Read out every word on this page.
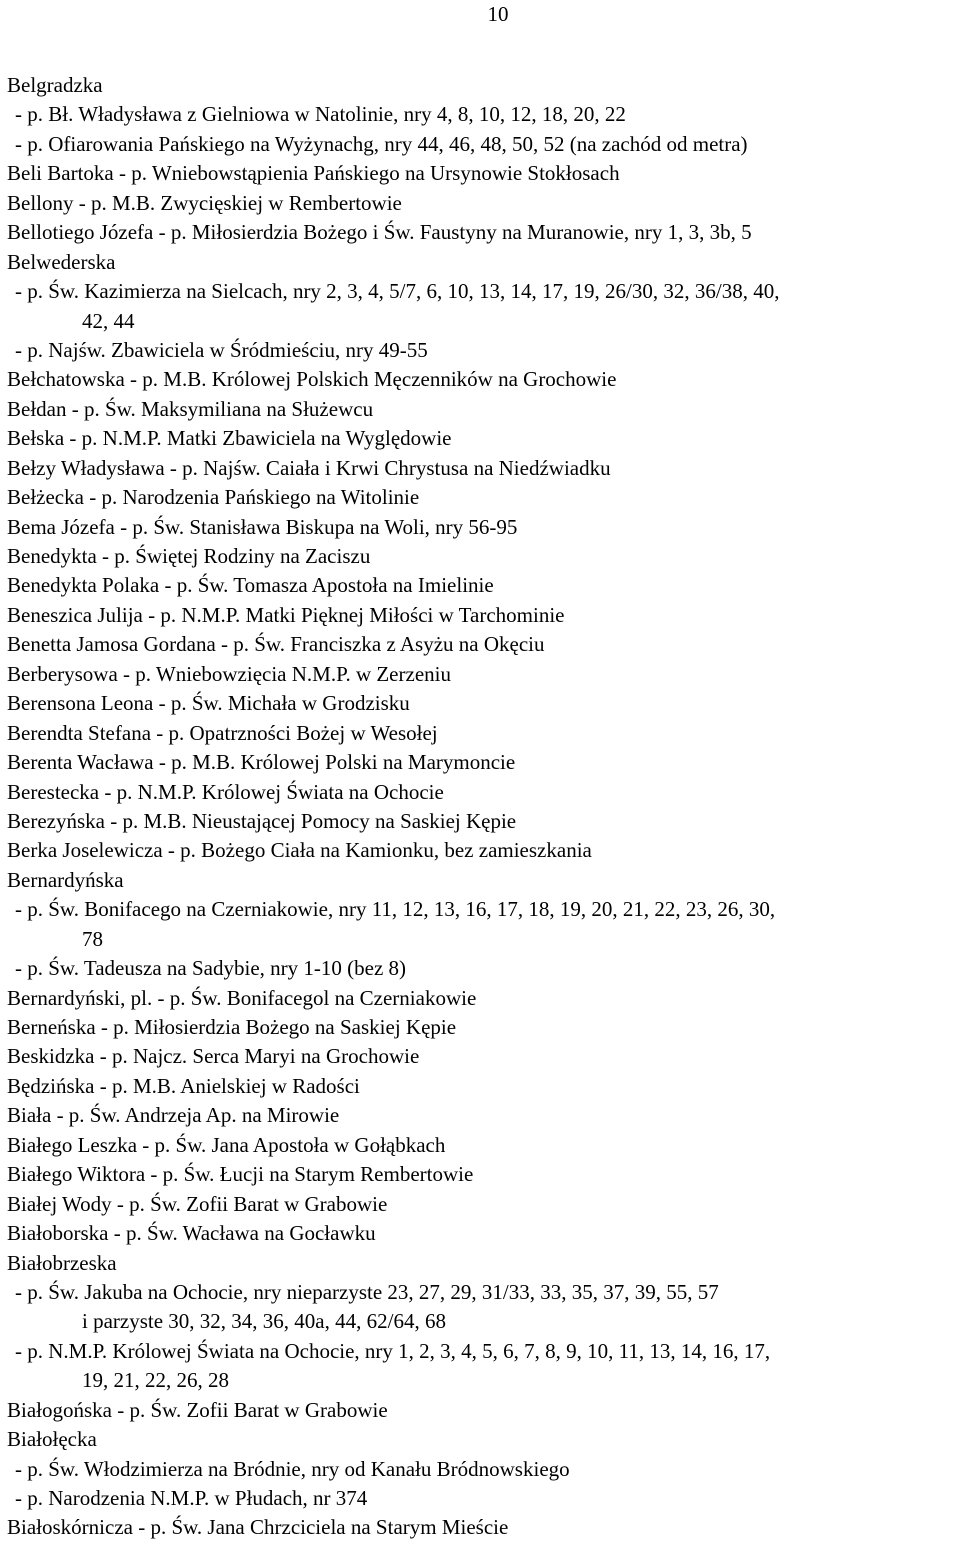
10
Belgradzka
- p. Bł. Władysława z Gielniowa w Natolinie, nry 4, 8, 10, 12, 18, 20, 22
- p. Ofiarowania Pańskiego na Wyżynachg, nry 44, 46, 48, 50, 52 (na zachód od metra)
Beli Bartoka - p. Wniebowstąpienia Pańskiego na Ursynowie Stokłosach
Bellony - p. M.B. Zwycięskiej w Rembertowie
Bellotiego Józefa - p. Miłosierdzia Bożego i Św. Faustyny na Muranowie, nry 1, 3, 3b, 5
Belwederska
- p. Św. Kazimierza na Sielcach, nry 2, 3, 4, 5/7, 6, 10, 13, 14, 17, 19, 26/30, 32, 36/38, 40,
42, 44
- p. Najśw. Zbawiciela w Śródmieściu, nry 49-55
Bełchatowska - p. M.B. Królowej Polskich Męczenników na Grochowie
Bełdan - p. Św. Maksymiliana na Służewcu
Bełska - p. N.M.P. Matki Zbawiciela na Wyględowie
Bełzy Władysława - p. Najśw. Caiała i Krwi Chrystusa na Niedźwiadku
Bełżecka - p. Narodzenia Pańskiego na Witolinie
Bema Józefa - p. Św. Stanisława Biskupa na Woli, nry 56-95
Benedykta - p. Świętej Rodziny na Zaciszu
Benedykta Polaka - p. Św. Tomasza Apostoła na Imielinie
Beneszica Julija - p. N.M.P. Matki Pięknej Miłości w Tarchominie
Benetta Jamosa Gordana - p. Św. Franciszka z Asyżu na Okęciu
Berberysowa - p. Wniebowzięcia N.M.P. w Zerzeniu
Berensona Leona - p. Św. Michała w Grodzisku
Berendta Stefana - p. Opatrzności Bożej w Wesołej
Berenta Wacława - p. M.B. Królowej Polski na Marymoncie
Berestecka - p. N.M.P. Królowej Świata na Ochocie
Berezyńska - p. M.B. Nieustającej Pomocy na Saskiej Kępie
Berka Joselewicza - p. Bożego Ciała na Kamionku, bez zamieszkania
Bernardyńska
- p. Św. Bonifacego na Czerniakowie, nry 11, 12, 13, 16, 17, 18, 19, 20, 21, 22, 23, 26, 30,
78
- p. Św. Tadeusza na Sadybie, nry 1-10 (bez 8)
Bernardyński, pl. - p. Św. Bonifacegol na Czerniakowie
Berneńska - p. Miłosierdzia Bożego na Saskiej Kępie
Beskidzka - p. Najcz. Serca Maryi na Grochowie
Będzińska - p. M.B. Anielskiej w Radości
Biała - p. Św. Andrzeja Ap. na Mirowie
Białego Leszka - p. Św. Jana Apostoła w Gołąbkach
Białego Wiktora - p. Św. Łucji na Starym Rembertowie
Białej Wody - p. Św. Zofii Barat w Grabowie
Białoborska - p. Św. Wacława na Gocławku
Białobrzeska
- p. Św. Jakuba na Ochocie, nry nieparzyste 23, 27, 29, 31/33, 33, 35, 37, 39, 55, 57
i parzyste 30, 32, 34, 36, 40a, 44, 62/64, 68
- p. N.M.P. Królowej Świata na Ochocie, nry 1, 2, 3, 4, 5, 6, 7, 8, 9, 10, 11, 13, 14, 16, 17,
19, 21, 22, 26, 28
Białogońska - p. Św. Zofii Barat w Grabowie
Białołęcka
- p. Św. Włodzimierza na Bródnie, nry od Kanału Bródnowskiego
- p. Narodzenia N.M.P. w Płudach, nr 374
Białoskórnicza - p. Św. Jana Chrzciciela na Starym Mieście
